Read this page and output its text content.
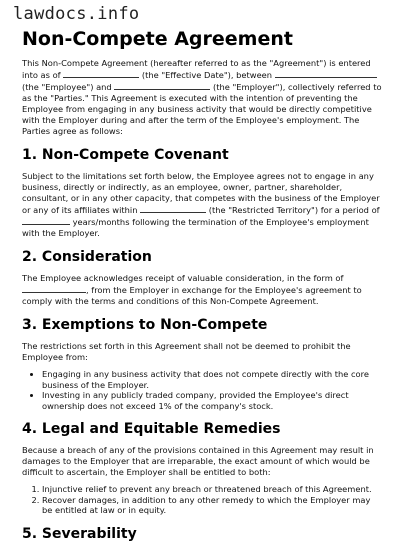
lawdocs.info
Non-Compete Agreement

This Non-Compete Agreement (hereafter referred to as the "Agreement") is entered into as of	(the "Effective Date"), between  (the "Employee") and	(the "Employer"), collectively referred to as the "Parties." This Agreement is executed with the intention of preventing the Employee from engaging in any business activity that would be directly competitive with the Employer during and after the term of the Employee's employment. The Parties agree as follows:

1. Non-Compete Covenant

Subject to the limitations set forth below, the Employee agrees not to engage in any business, directly or indirectly, as an employee, owner, partner, shareholder, consultant, or in any other capacity, that competes with the business of the Employer or any of its affiliates within	(the "Restricted Territory") for a period of  years/months following the termination of the Employee's employment with the Employer.

2. Consideration

The Employee acknowledges receipt of valuable consideration, in the form of , from the Employer in exchange for the Employee's agreement to comply with the terms and conditions of this Non-Compete Agreement.

3. Exemptions to Non-Compete

The restrictions set forth in this Agreement shall not be deemed to prohibit the Employee from:

• Engaging in any business activity that does not compete directly with the core business of the Employer.
• Investing in any publicly traded company, provided the Employee's direct ownership does not exceed 1% of the company's stock.
4. Legal and Equitable Remedies

Because a breach of any of the provisions contained in this Agreement may result in damages to the Employer that are irreparable, the exact amount of which would be difficult to ascertain, the Employer shall be entitled to both:

1. Injunctive relief to prevent any breach or threatened breach of this Agreement.
2. Recover damages, in addition to any other remedy to which the Employer may be entitled at law or in equity.
5. Severability
